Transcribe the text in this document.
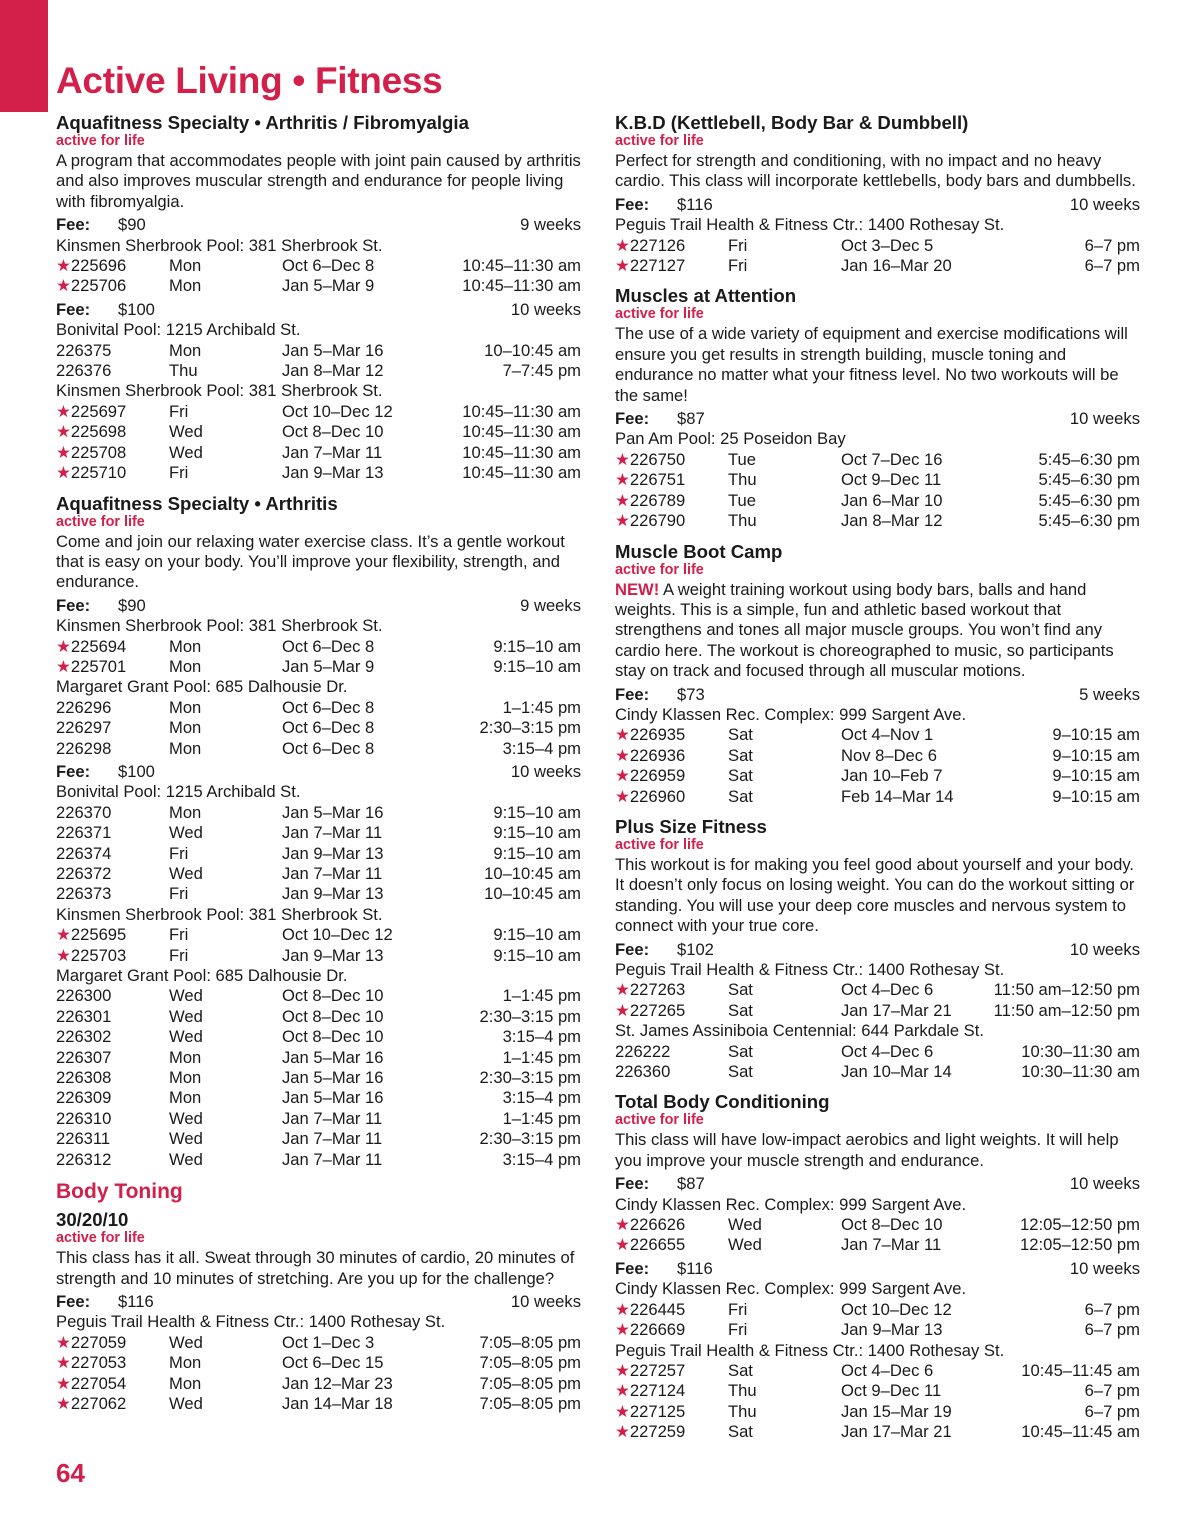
Active Living • Fitness
Aquafitness Specialty • Arthritis / Fibromyalgia
active for life
A program that accommodates people with joint pain caused by arthritis and also improves muscular strength and endurance for people living with fibromyalgia.
Fee: $90	9 weeks
Kinsmen Sherbrook Pool: 381 Sherbrook St.
★225696	Mon	Oct 6–Dec 8	10:45–11:30 am
★225706	Mon	Jan 5–Mar 9	10:45–11:30 am
Fee: $100	10 weeks
Bonivital Pool: 1215 Archibald St.
226375	Mon	Jan 5–Mar 16	10–10:45 am
226376	Thu	Jan 8–Mar 12	7–7:45 pm
Kinsmen Sherbrook Pool: 381 Sherbrook St.
★225697	Fri	Oct 10–Dec 12	10:45–11:30 am
★225698	Wed	Oct 8–Dec 10	10:45–11:30 am
★225708	Wed	Jan 7–Mar 11	10:45–11:30 am
★225710	Fri	Jan 9–Mar 13	10:45–11:30 am
Aquafitness Specialty • Arthritis
active for life
Come and join our relaxing water exercise class. It’s a gentle workout that is easy on your body. You’ll improve your flexibility, strength, and endurance.
Fee: $90	9 weeks
Kinsmen Sherbrook Pool: 381 Sherbrook St.
★225694	Mon	Oct 6–Dec 8	9:15–10 am
★225701	Mon	Jan 5–Mar 9	9:15–10 am
Margaret Grant Pool: 685 Dalhousie Dr.
226296	Mon	Oct 6–Dec 8	1–1:45 pm
226297	Mon	Oct 6–Dec 8	2:30–3:15 pm
226298	Mon	Oct 6–Dec 8	3:15–4 pm
Fee: $100	10 weeks
Bonivital Pool: 1215 Archibald St.
226370	Mon	Jan 5–Mar 16	9:15–10 am
226371	Wed	Jan 7–Mar 11	9:15–10 am
226374	Fri	Jan 9–Mar 13	9:15–10 am
226372	Wed	Jan 7–Mar 11	10–10:45 am
226373	Fri	Jan 9–Mar 13	10–10:45 am
Kinsmen Sherbrook Pool: 381 Sherbrook St.
★225695	Fri	Oct 10–Dec 12	9:15–10 am
★225703	Fri	Jan 9–Mar 13	9:15–10 am
Margaret Grant Pool: 685 Dalhousie Dr.
226300	Wed	Oct 8–Dec 10	1–1:45 pm
226301	Wed	Oct 8–Dec 10	2:30–3:15 pm
226302	Wed	Oct 8–Dec 10	3:15–4 pm
226307	Mon	Jan 5–Mar 16	1–1:45 pm
226308	Mon	Jan 5–Mar 16	2:30–3:15 pm
226309	Mon	Jan 5–Mar 16	3:15–4 pm
226310	Wed	Jan 7–Mar 11	1–1:45 pm
226311	Wed	Jan 7–Mar 11	2:30–3:15 pm
226312	Wed	Jan 7–Mar 11	3:15–4 pm
Body Toning
30/20/10
active for life
This class has it all. Sweat through 30 minutes of cardio, 20 minutes of strength and 10 minutes of stretching. Are you up for the challenge?
Fee: $116	10 weeks
Peguis Trail Health & Fitness Ctr.: 1400 Rothesay St.
★227059	Wed	Oct 1–Dec 3	7:05–8:05 pm
★227053	Mon	Oct 6–Dec 15	7:05–8:05 pm
★227054	Mon	Jan 12–Mar 23	7:05–8:05 pm
★227062	Wed	Jan 14–Mar 18	7:05–8:05 pm
K.B.D (Kettlebell, Body Bar & Dumbbell)
active for life
Perfect for strength and conditioning, with no impact and no heavy cardio. This class will incorporate kettlebells, body bars and dumbbells.
Fee: $116	10 weeks
Peguis Trail Health & Fitness Ctr.: 1400 Rothesay St.
★227126	Fri	Oct 3–Dec 5	6–7 pm
★227127	Fri	Jan 16–Mar 20	6–7 pm
Muscles at Attention
active for life
The use of a wide variety of equipment and exercise modifications will ensure you get results in strength building, muscle toning and endurance no matter what your fitness level. No two workouts will be the same!
Fee: $87	10 weeks
Pan Am Pool: 25 Poseidon Bay
★226750	Tue	Oct 7–Dec 16	5:45–6:30 pm
★226751	Thu	Oct 9–Dec 11	5:45–6:30 pm
★226789	Tue	Jan 6–Mar 10	5:45–6:30 pm
★226790	Thu	Jan 8–Mar 12	5:45–6:30 pm
Muscle Boot Camp
active for life
NEW! A weight training workout using body bars, balls and hand weights. This is a simple, fun and athletic based workout that strengthens and tones all major muscle groups. You won’t find any cardio here. The workout is choreographed to music, so participants stay on track and focused through all muscular motions.
Fee: $73	5 weeks
Cindy Klassen Rec. Complex: 999 Sargent Ave.
★226935	Sat	Oct 4–Nov 1	9–10:15 am
★226936	Sat	Nov 8–Dec 6	9–10:15 am
★226959	Sat	Jan 10–Feb 7	9–10:15 am
★226960	Sat	Feb 14–Mar 14	9–10:15 am
Plus Size Fitness
active for life
This workout is for making you feel good about yourself and your body. It doesn’t only focus on losing weight. You can do the workout sitting or standing. You will use your deep core muscles and nervous system to connect with your true core.
Fee: $102	10 weeks
Peguis Trail Health & Fitness Ctr.: 1400 Rothesay St.
★227263	Sat	Oct 4–Dec 6	11:50 am–12:50 pm
★227265	Sat	Jan 17–Mar 21	11:50 am–12:50 pm
St. James Assiniboia Centennial: 644 Parkdale St.
226222	Sat	Oct 4–Dec 6	10:30–11:30 am
226360	Sat	Jan 10–Mar 14	10:30–11:30 am
Total Body Conditioning
active for life
This class will have low-impact aerobics and light weights. It will help you improve your muscle strength and endurance.
Fee: $87	10 weeks
Cindy Klassen Rec. Complex: 999 Sargent Ave.
★226626	Wed	Oct 8–Dec 10	12:05–12:50 pm
★226655	Wed	Jan 7–Mar 11	12:05–12:50 pm
Fee: $116	10 weeks
Cindy Klassen Rec. Complex: 999 Sargent Ave.
★226445	Fri	Oct 10–Dec 12	6–7 pm
★226669	Fri	Jan 9–Mar 13	6–7 pm
Peguis Trail Health & Fitness Ctr.: 1400 Rothesay St.
★227257	Sat	Oct 4–Dec 6	10:45–11:45 am
★227124	Thu	Oct 9–Dec 11	6–7 pm
★227125	Thu	Jan 15–Mar 19	6–7 pm
★227259	Sat	Jan 17–Mar 21	10:45–11:45 am
64
